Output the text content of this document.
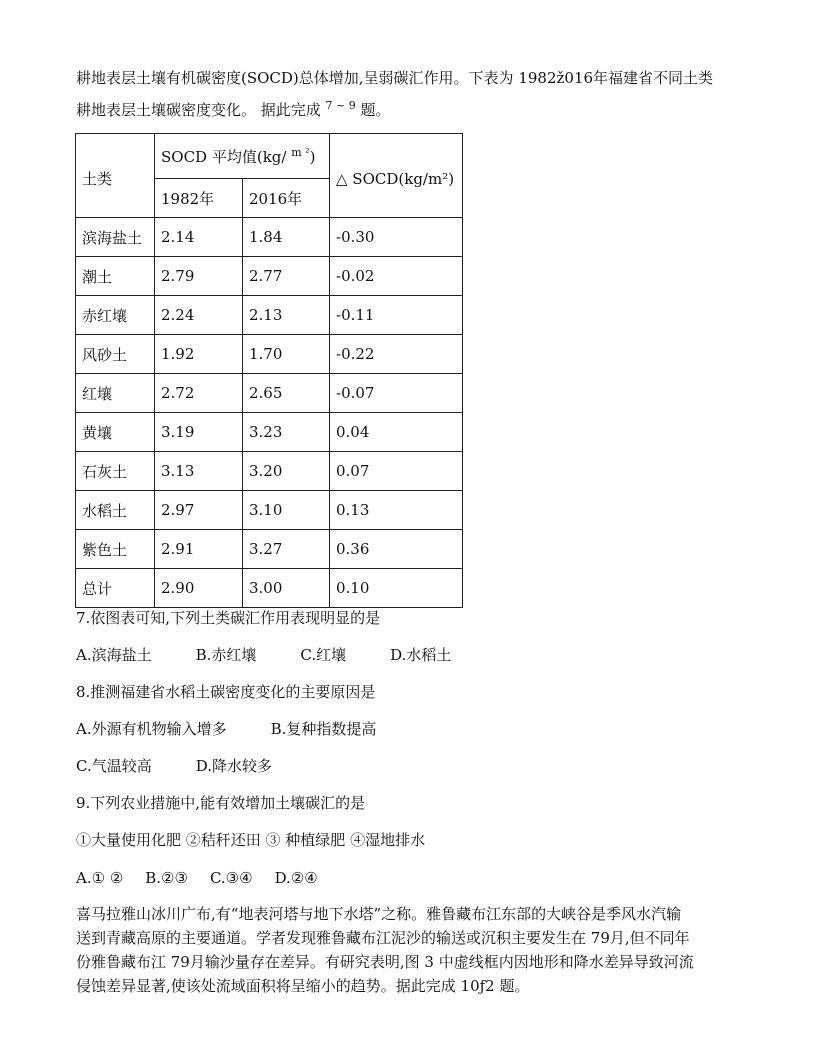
耕地表层土壤有机碳密度(SOCD)总体增加,呈弱碳汇作用。下表为 1982ž016年福建省不同土类
耕地表层土壤碳密度变化。 据此完成 $^{7 \sim 9}$ 题。
土类	SOCD 平均值(kg/ $^{m ^2}$)		△ SOCD(kg/m²)
	1982年	2016年	
滨海盐土	2.14	1.84	-0.30
潮土	2.79	2.77	-0.02
赤红壤	2.24	2.13	-0.11
风砂土	1.92	1.70	-0.22
红壤	2.72	2.65	-0.07
黄壤	3.19	3.23	0.04
石灰土	3.13	3.20	0.07
水稻土	2.97	3.10	0.13
紫色土	2.91	3.27	0.36
总计	2.90	3.00	0.10
7.依图表可知,下列土类碳汇作用表现明显的是
A.滨海盐土	B.赤红壤	C.红壤	D.水稻土
8.推测福建省水稻土碳密度变化的主要原因是
A.外源有机物输入增多	B.复种指数提高
C.气温较高	D.降水较多
9.下列农业措施中,能有效增加土壤碳汇的是
①大量使用化肥 ②秸秆还田 ③ 种植绿肥 ④湿地排水
A.① ② B.②③ C.③④ D.②④
喜马拉雅山冰川广布,有“地表河塔与地下水塔”之称。雅鲁藏布江东部的大峡谷是季风水汽输
送到青藏高原的主要通道。学者发现雅鲁藏布江泥沙的输送或沉积主要发生在 79月,但不同年
份雅鲁藏布江 79月输沙量存在差异。有研究表明,图 3 中虚线框内因地形和降水差异导致河流
侵蚀差异显著,使该处流域面积将呈缩小的趋势。据此完成 10ƒ2 题。
